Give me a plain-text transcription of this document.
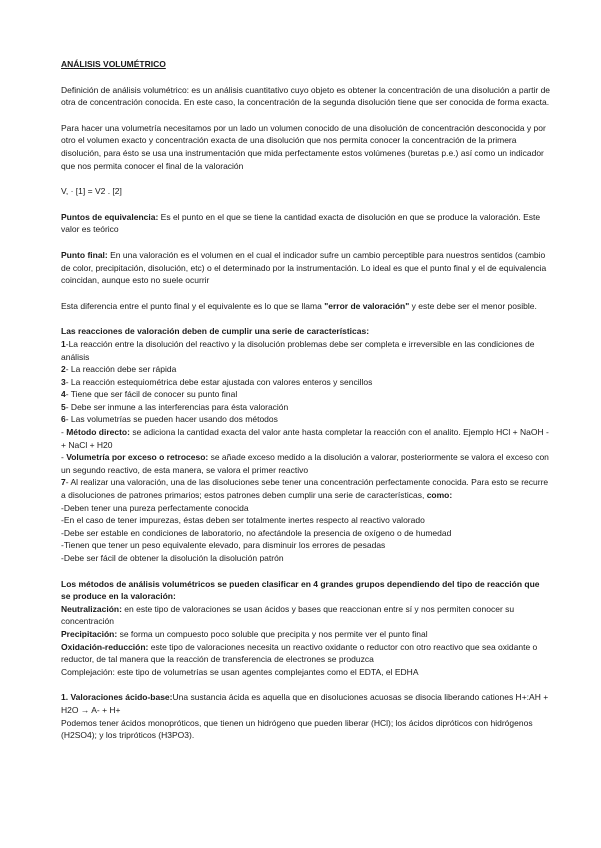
ANÁLISIS VOLUMÉTRICO

Definición de análisis volumétrico: es un análisis cuantitativo cuyo objeto es obtener la concentración de una disolución a partir de otra de concentración conocida. En este caso, la concentración de la segunda disolución tiene que ser conocida de forma exacta.

Para hacer una volumetría necesitamos por un lado un volumen conocido de una disolución de concentración desconocida y por otro el volumen exacto y concentración exacta de una disolución que nos permita conocer la concentración de la primera disolución, para ésto se usa una instrumentación que mida perfectamente estos volúmenes (buretas p.e.) así como un indicador que nos permita conocer el final de la valoración

V, · [1] = V2 . [2]

Puntos de equivalencia: Es el punto en el que se tiene la cantidad exacta de disolución en que se produce la valoración. Este valor es teórico

Punto final: En una valoración es el volumen en el cual el indicador sufre un cambio perceptible para nuestros sentidos (cambio de color, precipitación, disolución, etc) o el determinado por la instrumentación. Lo ideal es que el punto final y el de equivalencia coincidan, aunque esto no suele ocurrir

Esta diferencia entre el punto final y el equivalente es lo que se llama "error de valoración" y este debe ser el menor posible.

Las reacciones de valoración deben de cumplir una serie de características:
1-La reacción entre la disolución del reactivo y la disolución problemas debe ser completa e irreversible en las condiciones de análisis
2- La reacción debe ser rápida
3- La reacción estequiométrica debe estar ajustada con valores enteros y sencillos
4- Tiene que ser fácil de conocer su punto final
5- Debe ser inmune a las interferencias para ésta valoración
6- Las volumetrías se pueden hacer usando dos métodos
- Método directo: se adiciona la cantidad exacta del valor ante hasta completar la reacción con el analito. Ejemplo HCl + NaOH -+ NaCl + H20
- Volumetría por exceso o retroceso: se añade exceso medido a la disolución a valorar, posteriormente se valora el exceso con un segundo reactivo, de esta manera, se valora el primer reactivo
7- Al realizar una valoración, una de las disoluciones sebe tener una concentración perfectamente conocida. Para esto se recurre a disoluciones de patrones primarios; estos patrones deben cumplir una serie de características, como:
-Deben tener una pureza perfectamente conocida
-En el caso de tener impurezas, éstas deben ser totalmente inertes respecto al reactivo valorado
-Debe ser estable en condiciones de laboratorio, no afectándole la presencia de oxígeno o de humedad
-Tienen que tener un peso equivalente elevado, para disminuir los errores de pesadas
-Debe ser fácil de obtener la disolución la disolución patrón
Los métodos de análisis volumétricos se pueden clasificar en 4 grandes grupos dependiendo del tipo de reacción que se produce en la valoración:
Neutralización: en este tipo de valoraciones se usan ácidos y bases que reaccionan entre sí y nos permiten conocer su concentración
Precipitación: se forma un compuesto poco soluble que precipita y nos permite ver el punto final
Oxidación-reducción: este tipo de valoraciones necesita un reactivo oxidante o reductor con otro reactivo que sea oxidante o reductor, de tal manera que la reacción de transferencia de electrones se produzca
Complejación: este tipo de volumetrías se usan agentes complejantes como el EDTA, el EDHA
1. Valoraciones ácido-base:Una sustancia ácida es aquella que en disoluciones acuosas se disocia liberando cationes H+:AH + H2O → A- + H+
Podemos tener ácidos monopróticos, que tienen un hidrógeno que pueden liberar (HCl); los ácidos dipróticos con hidrógenos (H2SO4); y los tripróticos (H3PO3).
